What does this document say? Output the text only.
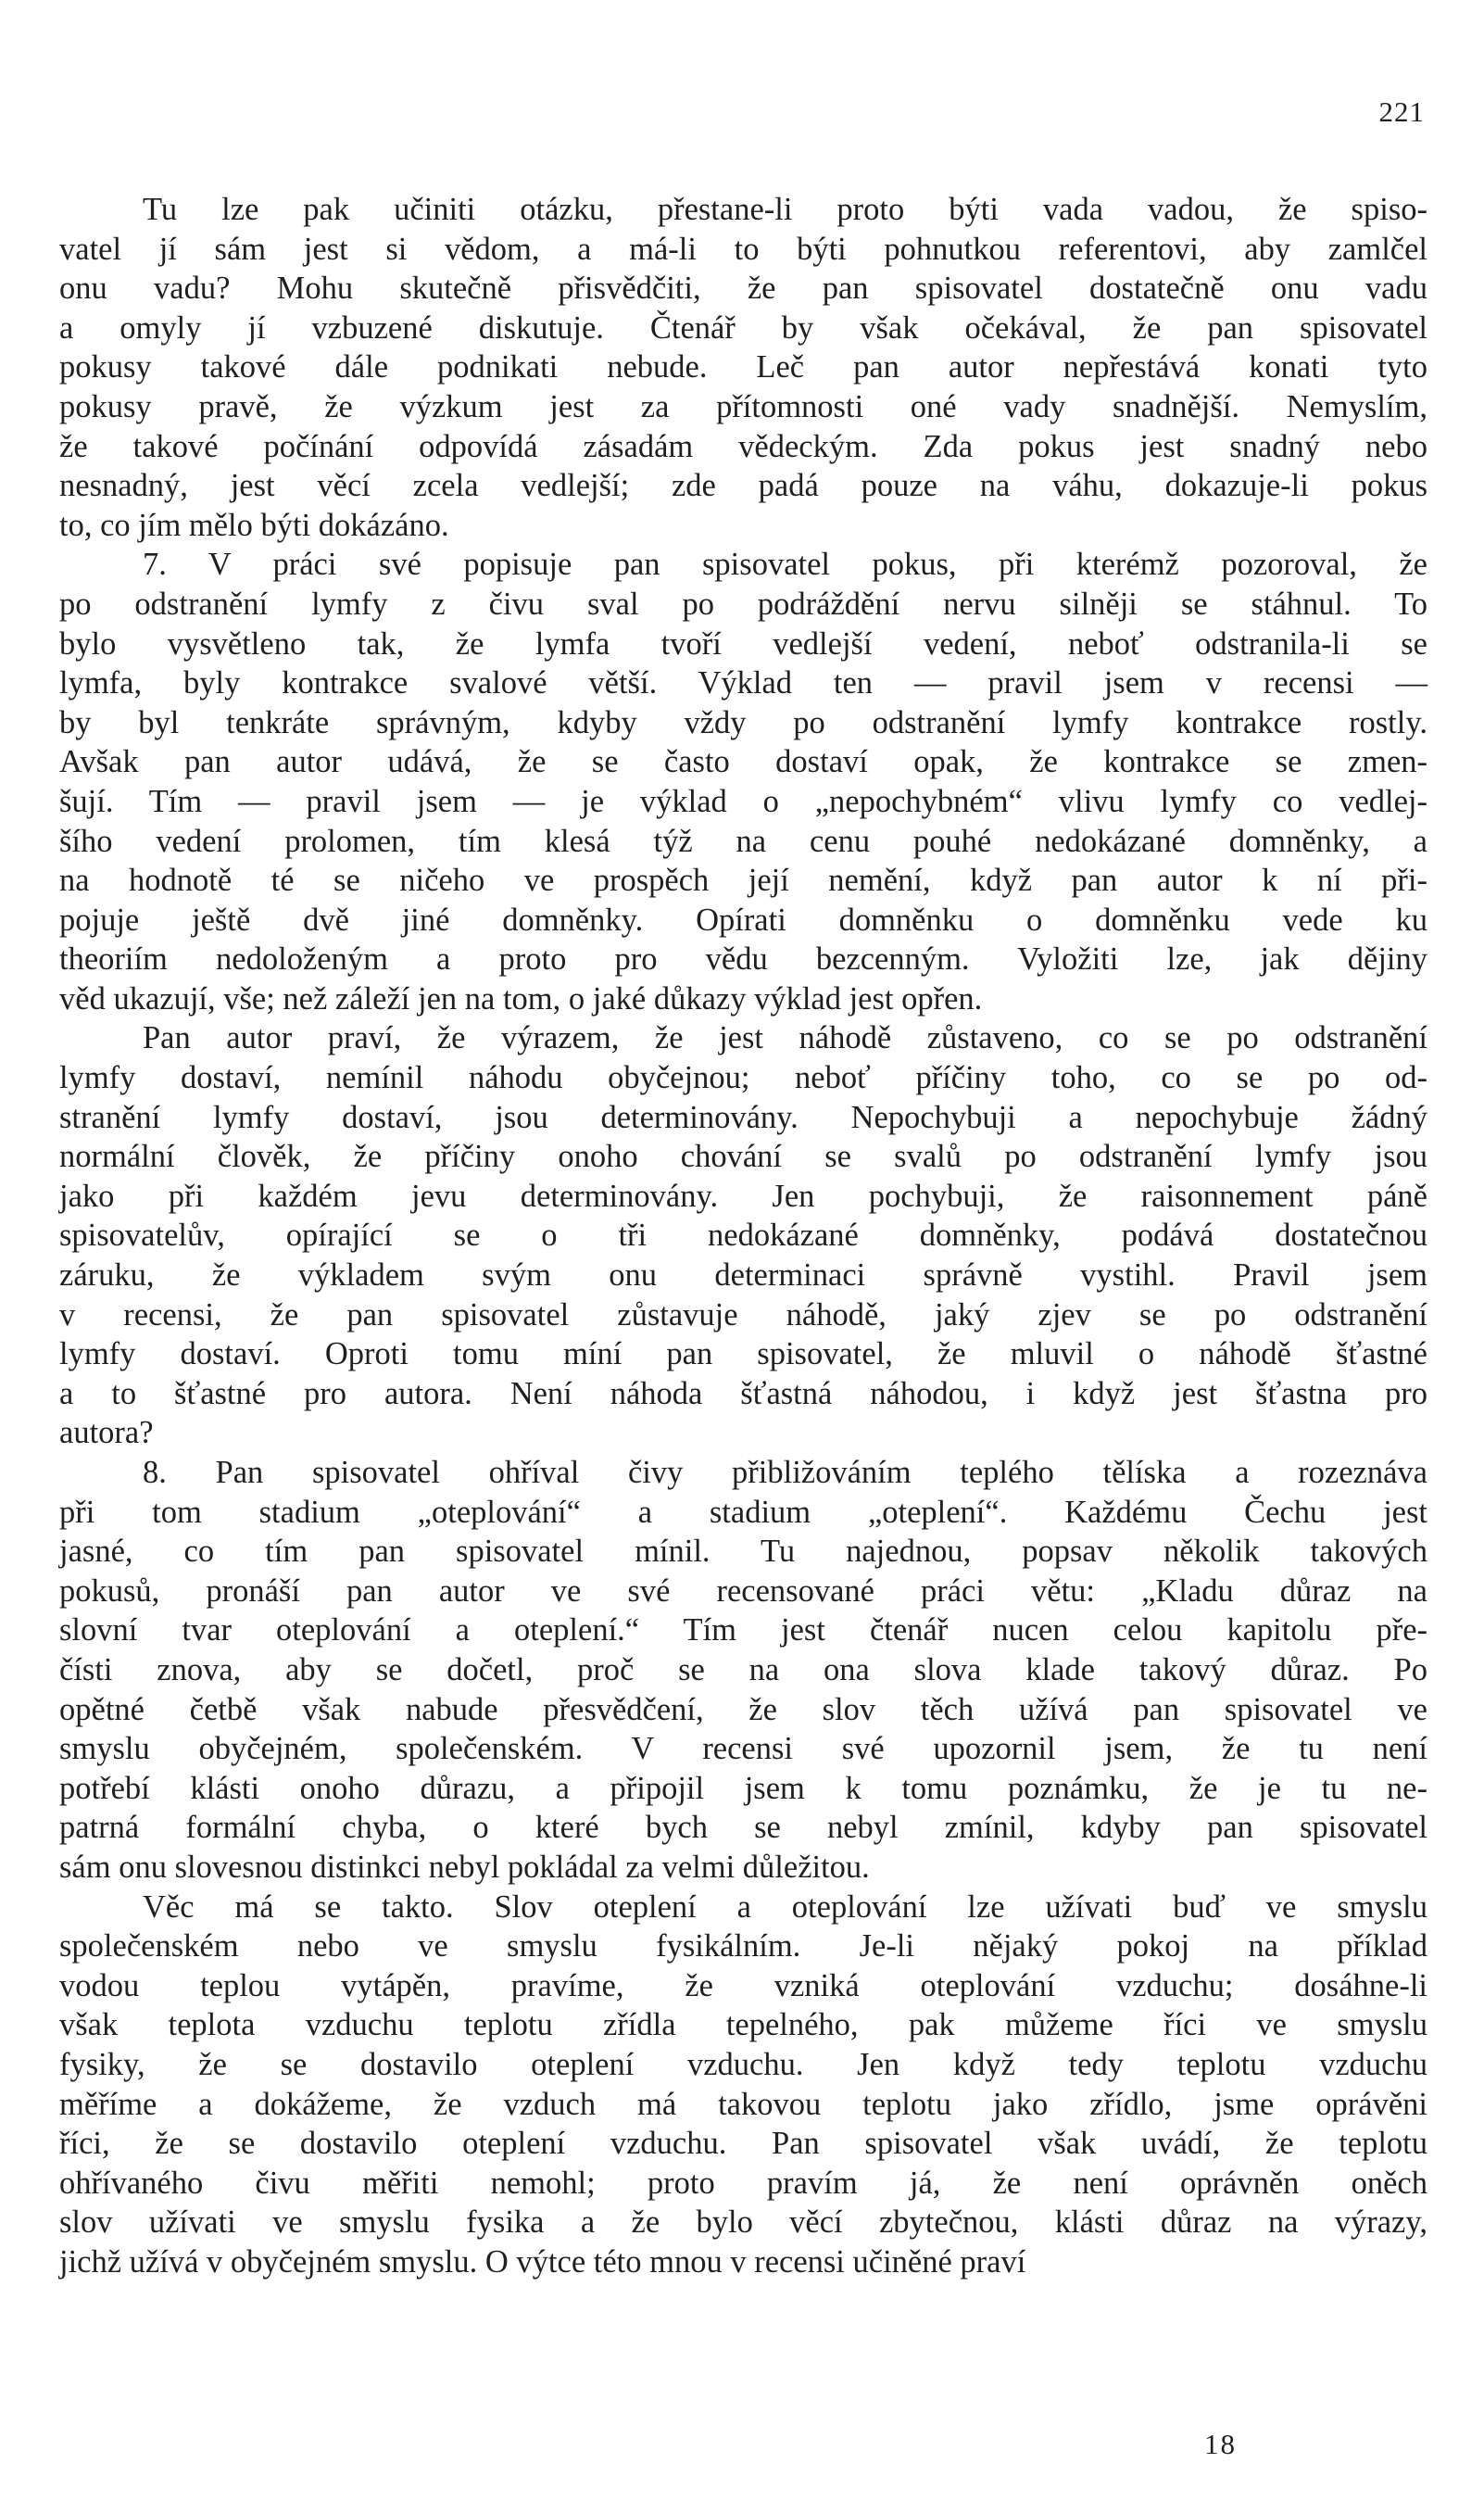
221

Tu lze pak učiniti otázku, přestane-li proto býti vada vadou, že spiso-
vatel jí sám jest si vědom, a má-li to býti pohnutkou referentovi, aby zamlčel
onu vadu? Mohu skutečně přisvědčiti, že pan spisovatel dostatečně onu vadu
a omyly jí vzbuzené diskutuje. Čtenář by však očekával, že pan spisovatel
pokusy takové dále podnikati nebude. Leč pan autor nepřestává konati tyto
pokusy pravě, že výzkum jest za přítomnosti oné vady snadnější. Nemyslím,
že takové počínání odpovídá zásadám vědeckým. Zda pokus jest snadný nebo
nesnadný, jest věcí zcela vedlejší; zde padá pouze na váhu, dokazuje-li pokus
to, co jím mělo býti dokázáno.

7. V práci své popisuje pan spisovatel pokus, při kterémž pozoroval, že
po odstranění lymfy z čivu sval po podráždění nervu silněji se stáhnul. To
bylo vysvětleno tak, že lymfa tvoří vedlejší vedení, neboť odstranila-li se
lymfa, byly kontrakce svalové větší. Výklad ten — pravil jsem v recensi —
by byl tenkráte správným, kdyby vždy po odstranění lymfy kontrakce rostly.
Avšak pan autor udává, že se často dostaví opak, že kontrakce se zmen-
šují. Tím — pravil jsem — je výklad o „nepochybném“ vlivu lymfy co vedlej-
šího vedení prolomen, tím klesá týž na cenu pouhé nedokázané domněnky, a
na hodnotě té se ničeho ve prospěch její nemění, když pan autor k ní při-
pojuje ještě dvě jiné domněnky. Opírati domněnku o domněnku vede ku
theoriím nedoloženým a proto pro vědu bezcenným. Vyložiti lze, jak dějiny
věd ukazují, vše; než záleží jen na tom, o jaké důkazy výklad jest opřen.

Pan autor praví, že výrazem, že jest náhodě zůstaveno, co se po odstranění
lymfy dostaví, nemínil náhodu obyčejnou; neboť příčiny toho, co se po od-
stranění lymfy dostaví, jsou determinovány. Nepochybuji a nepochybuje žádný
normální člověk, že příčiny onoho chování se svalů po odstranění lymfy jsou
jako při každém jevu determinovány. Jen pochybuji, že raisonnement páně
spisovatelův, opírající se o tři nedokázané domněnky, podává dostatečnou
záruku, že výkladem svým onu determinaci správně vystihl. Pravil jsem
v recensi, že pan spisovatel zůstavuje náhodě, jaký zjev se po odstranění
lymfy dostaví. Oproti tomu míní pan spisovatel, že mluvil o náhodě šťastné
a to šťastné pro autora. Není náhoda šťastná náhodou, i když jest šťastna pro
autora?

8. Pan spisovatel ohříval čivy přibližováním teplého tělíska a rozeznáva
při tom stadium „oteplování“ a stadium „oteplení“. Každému Čechu jest
jasné, co tím pan spisovatel mínil. Tu najednou, popsav několik takových
pokusů, pronáší pan autor ve své recensované práci větu: „Kladu důraz na
slovní tvar oteplování a oteplení.“ Tím jest čtenář nucen celou kapitolu pře-
čísti znova, aby se dočetl, proč se na ona slova klade takový důraz. Po
opětné četbě však nabude přesvědčení, že slov těch užívá pan spisovatel ve
smyslu obyčejném, společenském. V recensi své upozornil jsem, že tu není
potřebí klásti onoho důrazu, a připojil jsem k tomu poznámku, že je tu ne-
patrná formální chyba, o které bych se nebyl zmínil, kdyby pan spisovatel
sám onu slovesnou distinkci nebyl pokládal za velmi důležitou.

Věc má se takto. Slov oteplení a oteplování lze užívati buď ve smyslu
společenském nebo ve smyslu fysikálním. Je-li nějaký pokoj na příklad
vodou teplou vytápěn, pravíme, že vzniká oteplování vzduchu; dosáhne-li
však teplota vzduchu teplotu zřídla tepelného, pak můžeme říci ve smyslu
fysiky, že se dostavilo oteplení vzduchu. Jen když tedy teplotu vzduchu
měříme a dokážeme, že vzduch má takovou teplotu jako zřídlo, jsme oprávěni
říci, že se dostavilo oteplení vzduchu. Pan spisovatel však uvádí, že teplotu
ohřívaného čivu měřiti nemohl; proto pravím já, že není oprávněn oněch
slov užívati ve smyslu fysika a že bylo věcí zbytečnou, klásti důraz na výrazy,
jichž užívá v obyčejném smyslu. O výtce této mnou v recensi učiněné praví

18
